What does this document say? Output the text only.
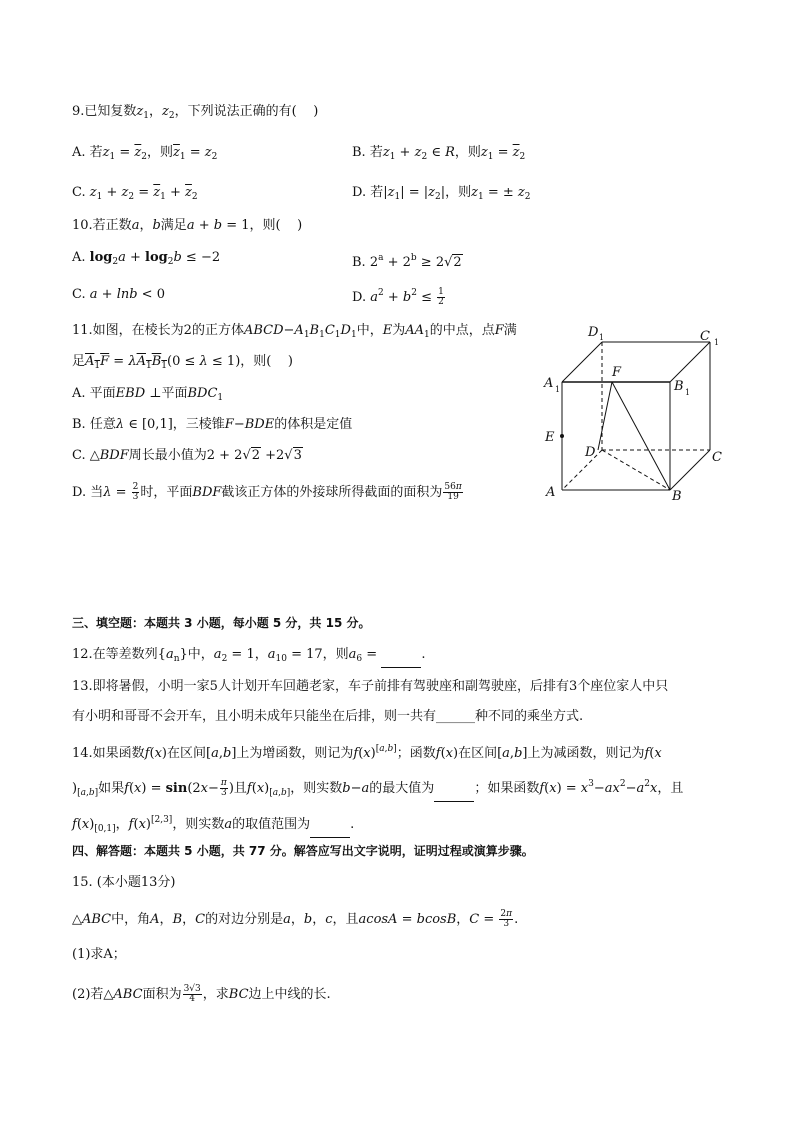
9.已知复数$z_1$，$z_2$，下列说法正确的有(    )
A. 若$z_1 = \overline{z}_2$，则$\overline{z}_1 = z_2$	B. 若$z_1 + z_2$ ∈ R，则$z_1 = \overline{z}_2$
C. $z_1 + z_2 = \overline{z}_1 + \overline{z}_2$	D. 若$|z_1| = |z_2|$，则$z_1$ = ± $z_2$
10.若正数a，b满足a + b = 1，则(    )
A. $\log_2a + \log_2b \le -2$	B. $2^a + 2^b \ge 2√2$
C. a + lnb < 0	D. $a^2 + b^2 \le \frac{1}{2}$
11.如图，在棱长为2的正方体$ABCD-A_1B_1C_1D_1$中，E为$AA_1$的中点，点F满
足$A_1F = \lambda A_1B_1(0 \le \lambda \le 1)$，则(    )
A. 平面EBD ⊥平面$BDC_1$
B. 任意λ ∈ [0,1]，三棱锥F−BDE的体积是定值
C. △BDF周长最小值为2 + 2√2 +2√3
D. 当$\lambda = \frac{2}{3}$ 时，平面BDF截该正方体的外接球所得截面的面积为 $\frac{56\pi}{19}$
D 1	C 1
A 1
F
B 1
E
D	C
A	B
三、填空题：本题共 3 小题，每小题 5 分，共 15 分。
12.在等差数列$\{a_n\}$中，$a_2 = 1$，$a_{10} = 17$，则$a_6$ =	.
13.即将暑假，小明一家5人计划开车回趟老家，车子前排有驾驶座和副驾驶座，后排有3个座位家人中只
有小明和哥哥不会开车，且小明未成年只能坐在后排，则一共有______种不同的乘坐方式.
14.如果函数f(x)在区间[a,b]上为增函数，则记为f(x)[a,b]；函数f(x)在区间[a,b]上为减函数，则记为f(x
)$_{[a,b]}$如果$f(x) = \sin(2x- \frac{\pi}{3}$ )且$f(x)_{[a,b]}$，则实数b−a的最大值为	；如果函数$f(x) = x^3-ax^2-a^2x$，且
$f(x)_{[0,1]}$，f(x)[2,3]，则实数a的取值范围为	.
四、解答题：本题共 5 小题，共 77 分。解答应写出文字说明，证明过程或演算步骤。
15. (本小题13分)
△ABC中，角A，B，C的对边分别是a，b，c，且acosA = bcosB，$C = \frac{2\pi}{3}$ .
(1)求A；
(2)若△ABC面积为 $\frac{3√3}{4}$ ，求BC边上中线的长.
